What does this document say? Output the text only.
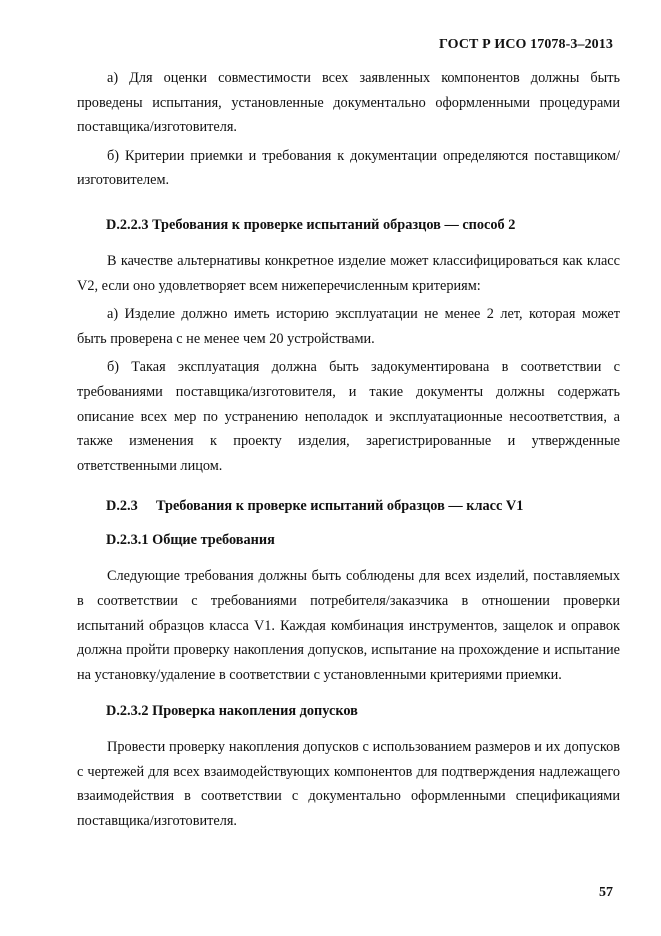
ГОСТ Р ИСО 17078-3–2013

а) Для оценки совместимости всех заявленных компонентов должны быть проведены испытания, установленные документально оформленными процедурами поставщика/изготовителя.

б) Критерии приемки и требования к документации определяются поставщиком/изготовителем.

D.2.2.3 Требования к проверке испытаний образцов — способ 2

В качестве альтернативы конкретное изделие может классифицироваться как класс V2, если оно удовлетворяет всем нижеперечисленным критериям:

а) Изделие должно иметь историю эксплуатации не менее 2 лет, которая может быть проверена с не менее чем 20 устройствами.

б) Такая эксплуатация должна быть задокументирована в соответствии с требованиями поставщика/изготовителя, и такие документы должны содержать описание всех мер по устранению неполадок и эксплуатационные несоответствия, а также изменения к проекту изделия, зарегистрированные и утвержденные ответственными лицом.

D.2.3 Требования к проверке испытаний образцов — класс V1
D.2.3.1 Общие требования

Следующие требования должны быть соблюдены для всех изделий, поставляемых в соответствии с требованиями потребителя/заказчика в отношении проверки испытаний образцов класса V1. Каждая комбинация инструментов, защелок и оправок должна пройти проверку накопления допусков, испытание на прохождение и испытание на установку/удаление в соответствии с установленными критериями приемки.

D.2.3.2 Проверка накопления допусков

Провести проверку накопления допусков с использованием размеров и их допусков с чертежей для всех взаимодействующих компонентов для подтверждения надлежащего взаимодействия в соответствии с документально оформленными спецификациями поставщика/изготовителя.

57
